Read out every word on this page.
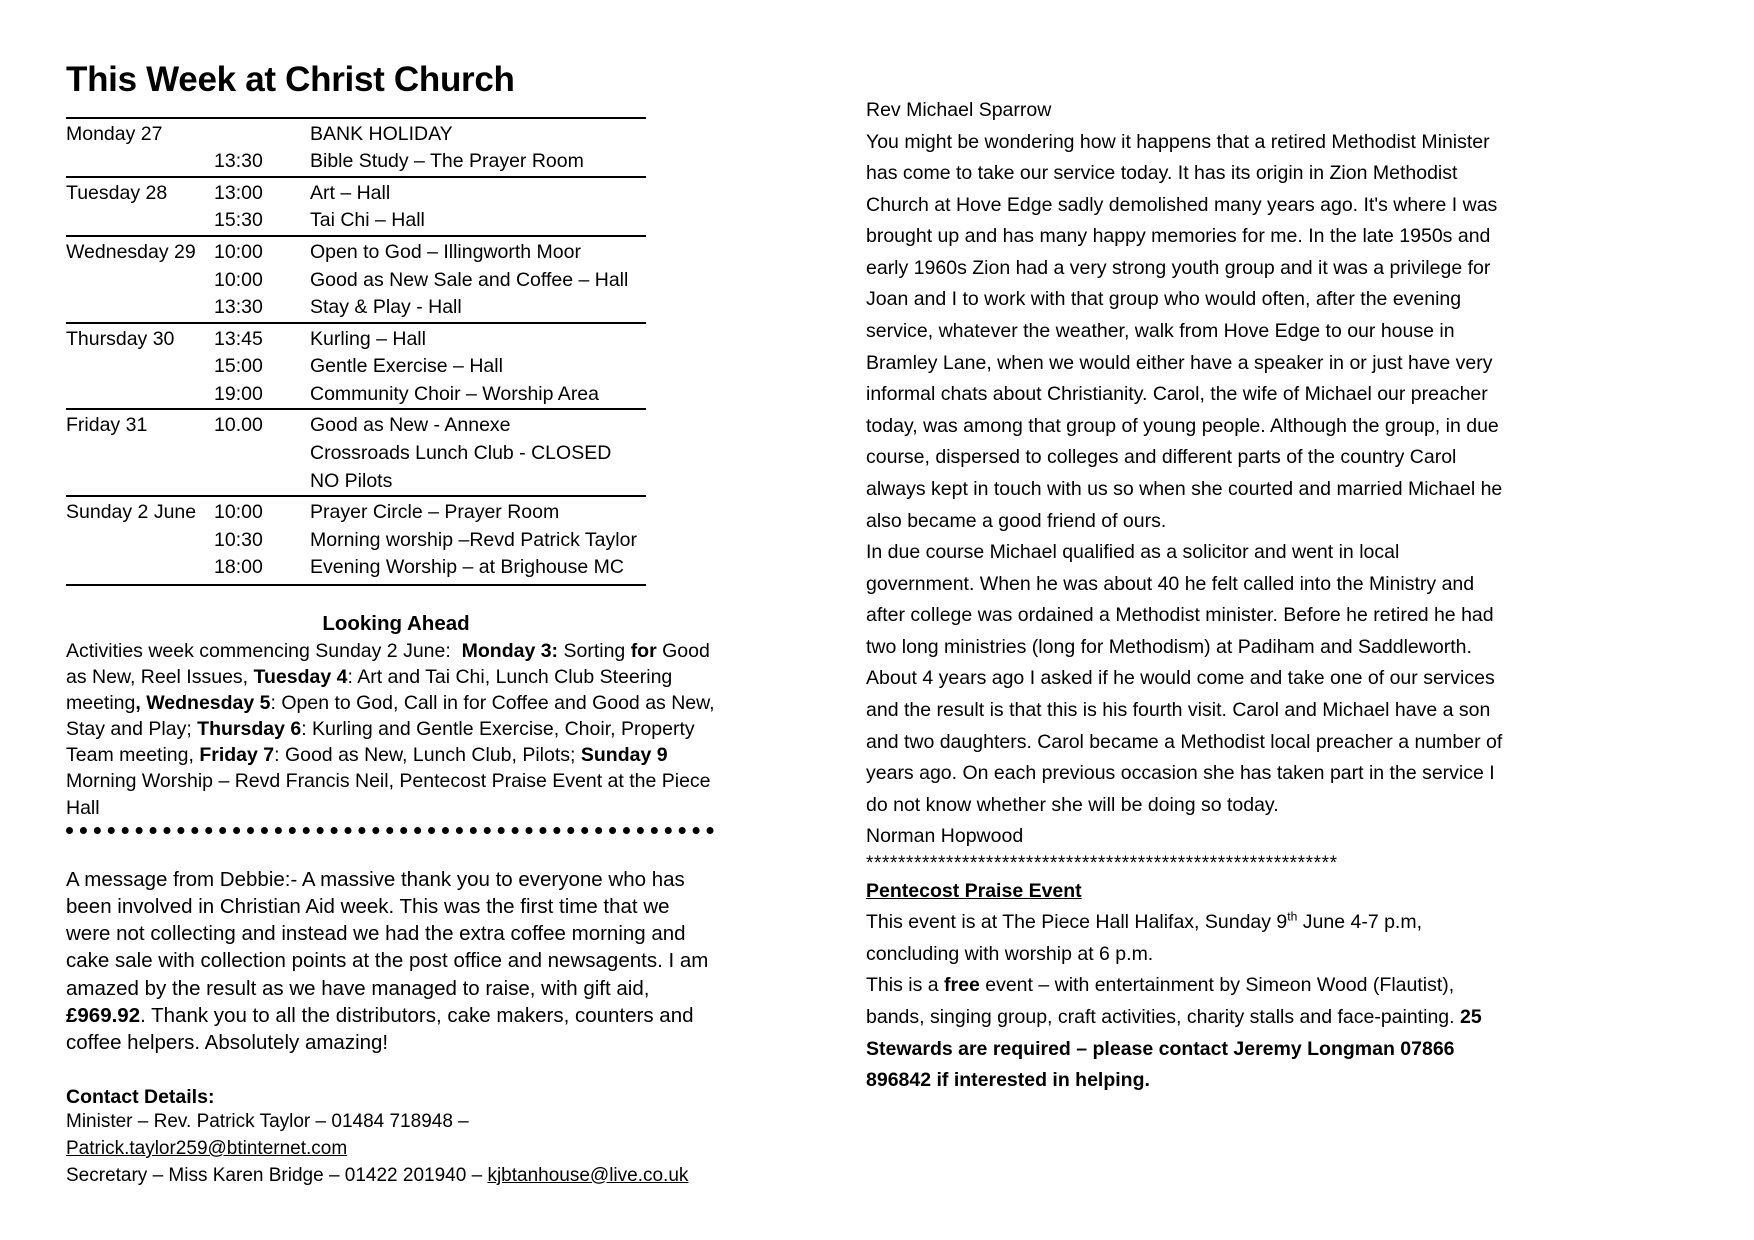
This Week at Christ Church
Monday 27		BANK HOLIDAY
	13:30	Bible Study – The Prayer Room
Tuesday 28	13:00	Art – Hall
	15:30	Tai Chi – Hall
Wednesday 29	10:00	Open to God – Illingworth Moor
	10:00	Good as New Sale and Coffee – Hall
	13:30	Stay & Play - Hall
Thursday 30	13:45	Kurling – Hall
	15:00	Gentle Exercise – Hall
	19:00	Community Choir – Worship Area
Friday 31	10.00	Good as New - Annexe
		Crossroads Lunch Club - CLOSED
		NO Pilots
Sunday 2 June	10:00	Prayer Circle – Prayer Room
	10:30	Morning worship –Revd Patrick Taylor
	18:00	Evening Worship – at Brighouse MC
Looking Ahead

Activities week commencing Sunday 2 June: Monday 3: Sorting for Good as New, Reel Issues, Tuesday 4: Art and Tai Chi, Lunch Club Steering meeting, Wednesday 5: Open to God, Call in for Coffee and Good as New, Stay and Play; Thursday 6: Kurling and Gentle Exercise, Choir, Property Team meeting, Friday 7: Good as New, Lunch Club, Pilots; Sunday 9 Morning Worship – Revd Francis Neil, Pentecost Praise Event at the Piece Hall

A message from Debbie:- A massive thank you to everyone who has been involved in Christian Aid week. This was the first time that we were not collecting and instead we had the extra coffee morning and cake sale with collection points at the post office and newsagents. I am amazed by the result as we have managed to raise, with gift aid, £969.92. Thank you to all the distributors, cake makers, counters and coffee helpers. Absolutely amazing!

Contact Details:

Minister – Rev. Patrick Taylor – 01484 718948 – Patrick.taylor259@btinternet.com

Secretary – Miss Karen Bridge – 01422 201940 – kjbtanhouse@live.co.uk

Rev Michael Sparrow

You might be wondering how it happens that a retired Methodist Minister has come to take our service today. It has its origin in Zion Methodist Church at Hove Edge sadly demolished many years ago. It's where I was brought up and has many happy memories for me. In the late 1950s and early 1960s Zion had a very strong youth group and it was a privilege for Joan and I to work with that group who would often, after the evening service, whatever the weather, walk from Hove Edge to our house in Bramley Lane, when we would either have a speaker in or just have very informal chats about Christianity. Carol, the wife of Michael our preacher today, was among that group of young people. Although the group, in due course, dispersed to colleges and different parts of the country Carol always kept in touch with us so when she courted and married Michael he also became a good friend of ours.

In due course Michael qualified as a solicitor and went in local government. When he was about 40 he felt called into the Ministry and after college was ordained a Methodist minister. Before he retired he had two long ministries (long for Methodism) at Padiham and Saddleworth. About 4 years ago I asked if he would come and take one of our services and the result is that this is his fourth visit. Carol and Michael have a son and two daughters. Carol became a Methodist local preacher a number of years ago. On each previous occasion she has taken part in the service I do not know whether she will be doing so today.

Norman Hopwood

***********************************************************

Pentecost Praise Event

This event is at The Piece Hall Halifax, Sunday 9th June 4-7 p.m, concluding with worship at 6 p.m.

This is a free event – with entertainment by Simeon Wood (Flautist), bands, singing group, craft activities, charity stalls and face-painting. 25 Stewards are required – please contact Jeremy Longman 07866 896842 if interested in helping.
